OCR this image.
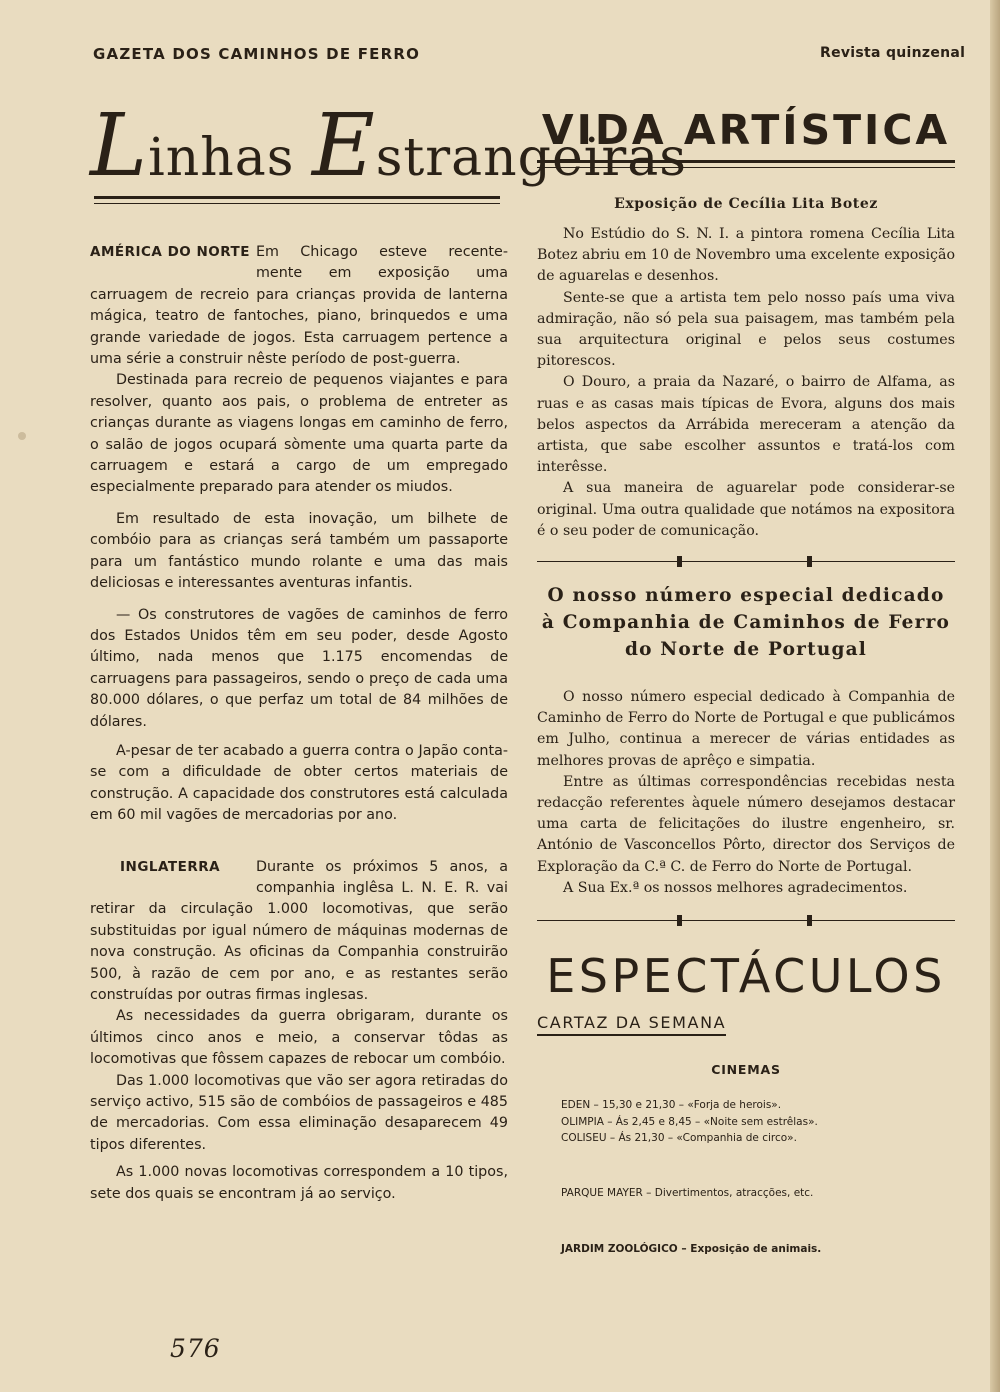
GAZETA DOS CAMINHOS DE FERRO	Revista quinzenal
Linhas Estrangeiras
AMÉRICA DO NORTE Em Chicago esteve recente-

mente em exposição uma carruagem de recreio para crianças provida de lanterna mágica, teatro de fantoches, piano, brinquedos e uma grande variedade de jogos. Esta carruagem pertence a uma série a construir nêste período de post-guerra.

Destinada para recreio de pequenos viajantes e para resolver, quanto aos pais, o problema de entreter as crianças durante as viagens longas em caminho de ferro, o salão de jogos ocupará sòmente uma quarta parte da carruagem e estará a cargo de um empregado especialmente preparado para atender os miudos.

Em resultado de esta inovação, um bilhete de combóio para as crianças será também um passaporte para um fantástico mundo rolante e uma das mais deliciosas e interessantes aventuras infantis.

— Os construtores de vagões de caminhos de ferro dos Estados Unidos têm em seu poder, desde Agosto último, nada menos que 1.175 encomendas de carruagens para passageiros, sendo o preço de cada uma 80.000 dólares, o que perfaz um total de 84 milhões de dólares.

A-pesar de ter acabado a guerra contra o Japão conta-se com a dificuldade de obter certos materiais de construção. A capacidade dos construtores está calculada em 60 mil vagões de mercadorias por ano.

INGLATERRA	Durante os próximos 5 anos, a

companhia inglêsa L. N. E. R. vai retirar da circulação 1.000 locomotivas, que serão substituidas por igual número de máquinas modernas de nova construção. As oficinas da Companhia construirão 500, à razão de cem por ano, e as restantes serão construídas por outras firmas inglesas.

As necessidades da guerra obrigaram, durante os últimos cinco anos e meio, a conservar tôdas as locomotivas que fôssem capazes de rebocar um combóio.

Das 1.000 locomotivas que vão ser agora retiradas do serviço activo, 515 são de combóios de passageiros e 485 de mercadorias. Com essa eliminação desaparecem 49 tipos diferentes.

As 1.000 novas locomotivas correspondem a 10 tipos, sete dos quais se encontram já ao serviço.

VIDA ARTÍSTICA
Exposição de Cecília Lita Botez

No Estúdio do S. N. I. a pintora romena Cecília Lita Botez abriu em 10 de Novembro uma excelente exposição de aguarelas e desenhos.

Sente-se que a artista tem pelo nosso país uma viva admiração, não só pela sua paisagem, mas também pela sua arquitectura original e pelos seus costumes pitorescos.

O Douro, a praia da Nazaré, o bairro de Alfama, as ruas e as casas mais típicas de Evora, alguns dos mais belos aspectos da Arrábida mereceram a atenção da artista, que sabe escolher assuntos e tratá-los com interêsse.

A sua maneira de aguarelar pode considerar-se original. Uma outra qualidade que notámos na expositora é o seu poder de comunicação.

O nosso número especial dedicado
à Companhia de Caminhos de Ferro
do Norte de Portugal

O nosso número especial dedicado à Companhia de Caminho de Ferro do Norte de Portugal e que publicámos em Julho, continua a merecer de várias entidades as melhores provas de aprêço e simpatia.

Entre as últimas correspondências recebidas nesta redacção referentes àquele número desejamos destacar uma carta de felicitações do ilustre engenheiro, sr. António de Vasconcellos Pôrto, director dos Serviços de Exploração da C.ª C. de Ferro do Norte de Portugal.

A Sua Ex.ª os nossos melhores agradecimentos.

ESPECTÁCULOS
CARTAZ DA SEMANA
CINEMAS
EDEN – 15,30 e 21,30 – «Forja de herois».
OLIMPIA – Ás 2,45 e 8,45 – «Noite sem estrêlas».
COLISEU – Ás 21,30 – «Companhia de circo».
PARQUE MAYER – Divertimentos, atracções, etc.
JARDIM ZOOLÓGICO – Exposição de animais.
576
